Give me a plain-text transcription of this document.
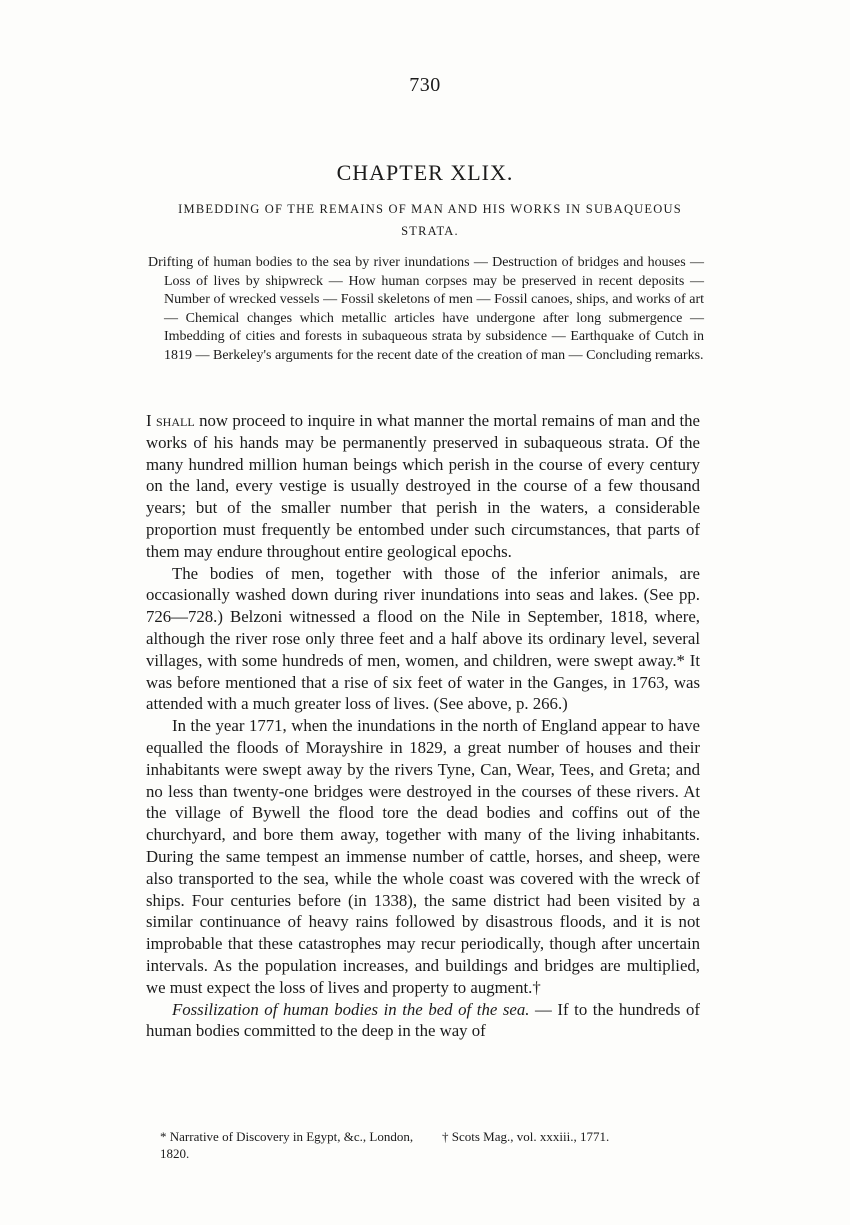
730
CHAPTER XLIX.
IMBEDDING OF THE REMAINS OF MAN AND HIS WORKS IN SUBAQUEOUS STRATA.

Drifting of human bodies to the sea by river inundations — Destruction of bridges and houses — Loss of lives by shipwreck — How human corpses may be preserved in recent deposits — Number of wrecked vessels — Fossil skeletons of men — Fossil canoes, ships, and works of art — Chemical changes which metallic articles have undergone after long submergence — Imbedding of cities and forests in subaqueous strata by subsidence — Earthquake of Cutch in 1819 — Berkeley's arguments for the recent date of the creation of man — Concluding remarks.

I shall now proceed to inquire in what manner the mortal remains of man and the works of his hands may be permanently preserved in subaqueous strata. Of the many hundred million human beings which perish in the course of every century on the land, every vestige is usually destroyed in the course of a few thousand years; but of the smaller number that perish in the waters, a considerable proportion must frequently be entombed under such circumstances, that parts of them may endure throughout entire geological epochs.

The bodies of men, together with those of the inferior animals, are occasionally washed down during river inundations into seas and lakes. (See pp. 726—728.) Belzoni witnessed a flood on the Nile in September, 1818, where, although the river rose only three feet and a half above its ordinary level, several villages, with some hundreds of men, women, and children, were swept away.* It was before mentioned that a rise of six feet of water in the Ganges, in 1763, was attended with a much greater loss of lives. (See above, p. 266.)

In the year 1771, when the inundations in the north of England appear to have equalled the floods of Morayshire in 1829, a great number of houses and their inhabitants were swept away by the rivers Tyne, Can, Wear, Tees, and Greta; and no less than twenty-one bridges were destroyed in the courses of these rivers. At the village of Bywell the flood tore the dead bodies and coffins out of the churchyard, and bore them away, together with many of the living inhabitants. During the same tempest an immense number of cattle, horses, and sheep, were also transported to the sea, while the whole coast was covered with the wreck of ships. Four centuries before (in 1338), the same district had been visited by a similar continuance of heavy rains followed by disastrous floods, and it is not improbable that these catastrophes may recur periodically, though after uncertain intervals. As the population increases, and buildings and bridges are multiplied, we must expect the loss of lives and property to augment.†

Fossilization of human bodies in the bed of the sea. — If to the hundreds of human bodies committed to the deep in the way of

* Narrative of Discovery in Egypt, &c., London, 1820.
† Scots Mag., vol. xxxiii., 1771.
